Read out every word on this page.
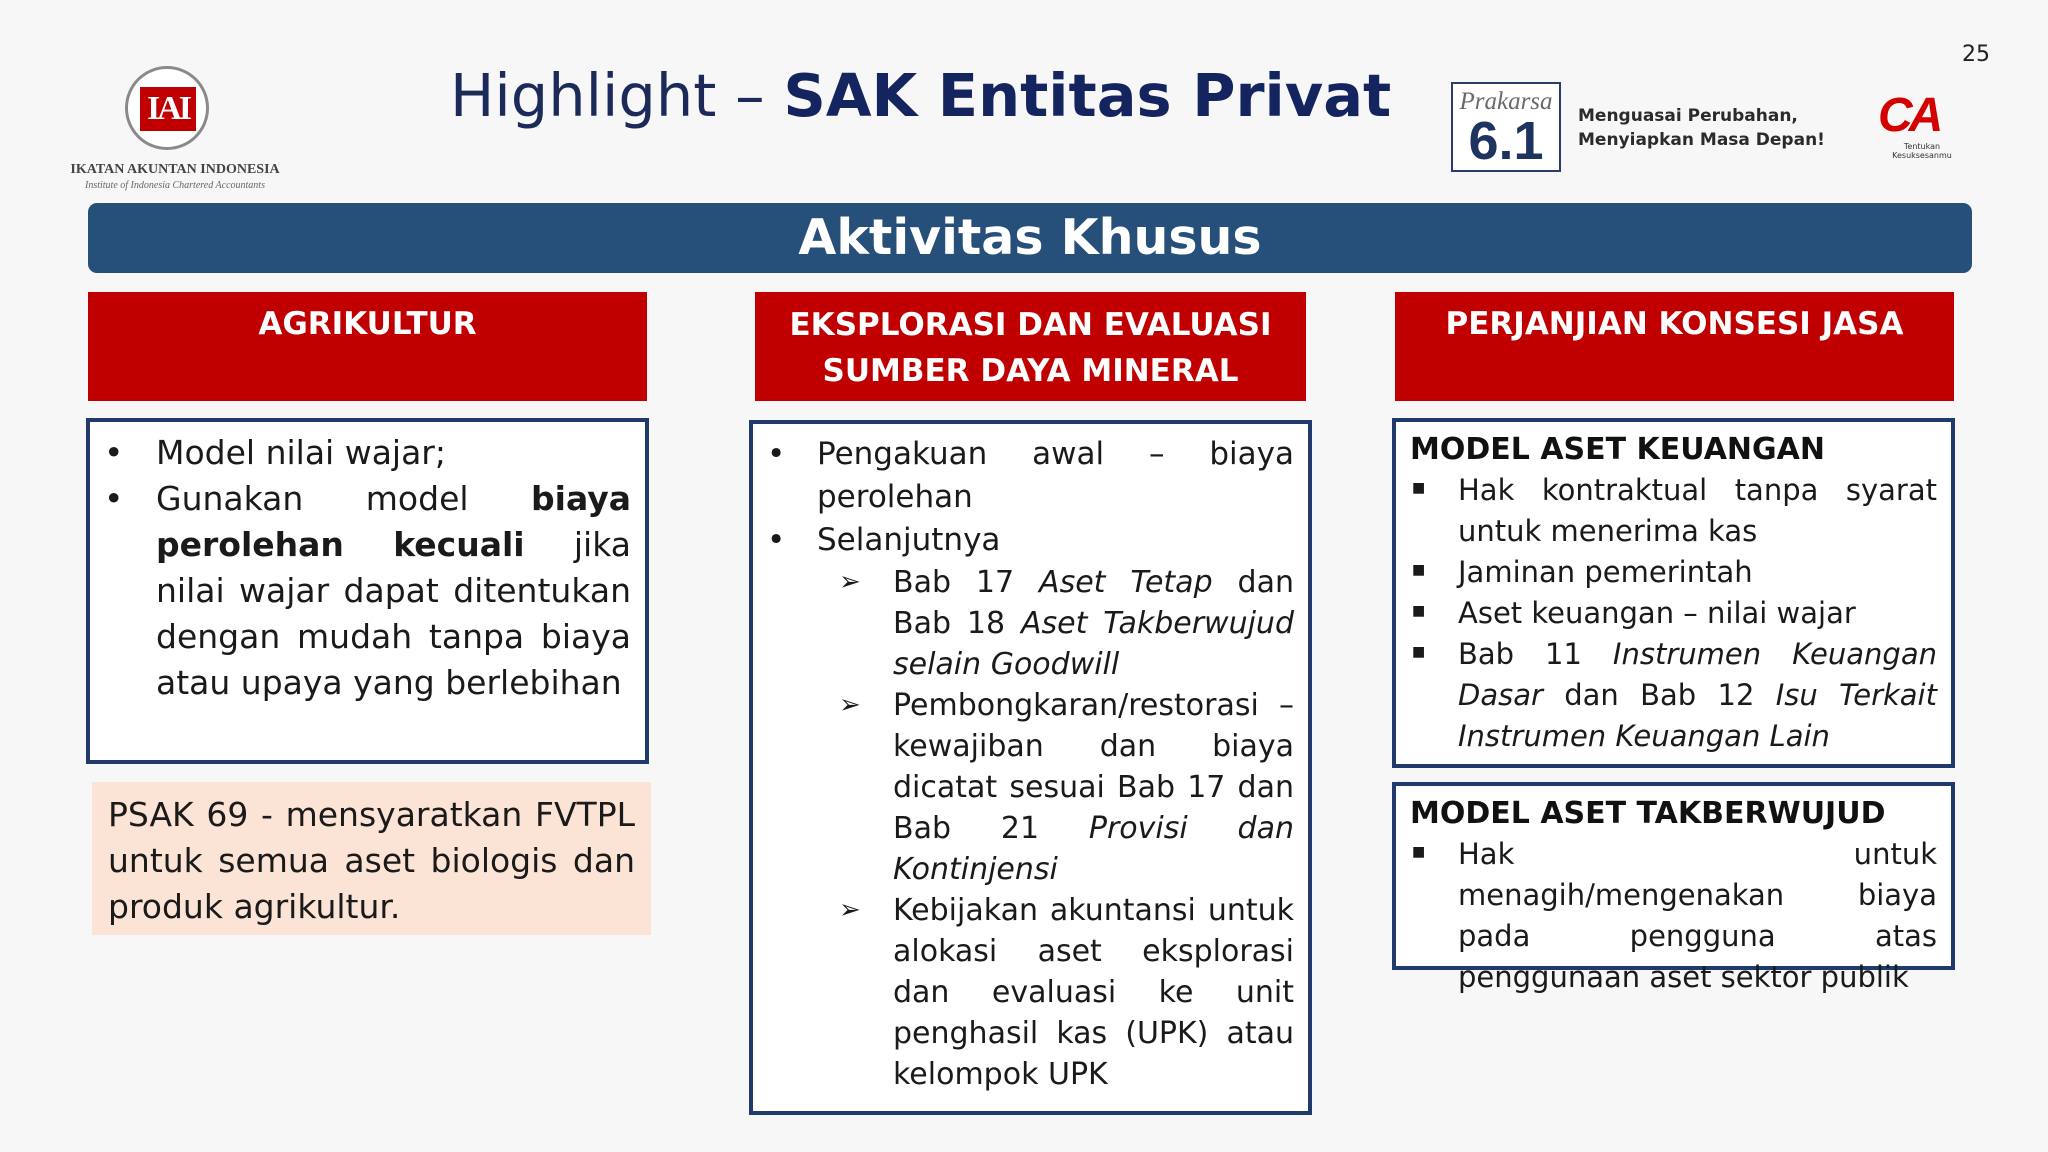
25
IAI
IKATAN AKUNTAN INDONESIA
Institute of Indonesia Chartered Accountants
Highlight – SAK Entitas Privat	Prakarsa
6.1	Menguasai Perubahan,
Menyiapkan Masa Depan! CA
Tentukan Kesuksesanmu
Aktivitas Khusus
AGRIKULTUR	EKSPLORASI DAN EVALUASI
SUMBER DAYA MINERAL
PERJANJIAN KONSESI JASA
• Model nilai wajar;
• Gunakan model biaya perolehan kecuali jika nilai wajar dapat ditentukan dengan mudah tanpa biaya atau upaya yang berlebihan
PSAK 69 - mensyaratkan FVTPL untuk semua aset biologis dan produk agrikultur.
• Pengakuan awal – biaya perolehan
• Selanjutnya
➢ Bab 17 Aset Tetap dan Bab 18 Aset Takberwujud selain Goodwill
➢ Pembongkaran/restorasi – kewajiban dan biaya dicatat sesuai Bab 17 dan Bab 21 Provisi dan Kontinjensi
➢ Kebijakan akuntansi untuk alokasi aset eksplorasi dan evaluasi ke unit penghasil kas (UPK) atau kelompok UPK
MODEL ASET KEUANGAN
■ Hak kontraktual tanpa syarat untuk menerima kas
■ Jaminan pemerintah
■ Aset keuangan – nilai wajar
■ Bab 11 Instrumen Keuangan Dasar dan Bab 12 Isu Terkait Instrumen Keuangan Lain
MODEL ASET TAKBERWUJUD
■ Hak untuk menagih/mengenakan biaya pada pengguna atas penggunaan aset sektor publik
